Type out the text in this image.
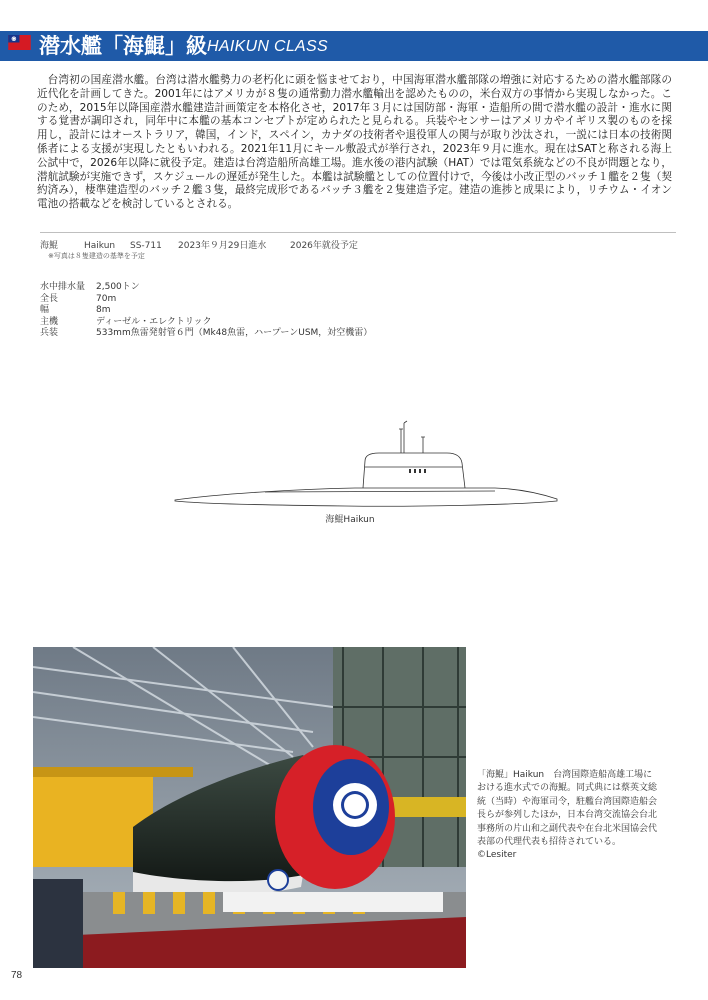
潜水艦「海鯤」級 HAIKUN CLASS

台湾初の国産潜水艦。台湾は潜水艦勢力の老朽化に頭を悩ませており，中国海軍潜水艦部隊の増強に対応するための潜水艦部隊の近代化を計画してきた。2001年にはアメリカが８隻の通常動力潜水艦輸出を認めたものの，米台双方の事情から実現しなかった。このため，2015年以降国産潜水艦建造計画策定を本格化させ，2017年３月には国防部・海軍・造船所の間で潜水艦の設計・進水に関する覚書が調印され，同年中に本艦の基本コンセプトが定められたと見られる。兵装やセンサーはアメリカやイギリス製のものを採用し，設計にはオーストラリア，韓国，インド，スペイン，カナダの技術者や退役軍人の関与が取り沙汰され，一説には日本の技術関係者による支援が実現したともいわれる。2021年11月にキール敷設式が挙行され，2023年９月に進水。現在はSATと称される海上公試中で，2026年以降に就役予定。建造は台湾造船所高雄工場。進水後の港内試験（HAT）では電気系統などの不良が問題となり，潜航試験が実施できず，スケジュールの遅延が発生した。本艦は試験艦としての位置付けで，今後は小改正型のバッチ１艦を２隻（契約済み），棲準建造型のバッチ２艦３隻，最終完成形であるバッチ３艦を２隻建造予定。建造の進捗と成果により，リチウム・イオン電池の搭載などを検討しているとされる。

海鯤	Haikun SS-711 2023年９月29日進水	2026年就役予定
※写真は８隻建造の基準を予定
水中排水量 2,500トン
全長	70m
幅	8m
主機	ディーゼル・エレクトリック
兵装	533mm魚雷発射管６門（Mk48魚雷，ハープーンUSM，対空機雷）
海鯤Haikun

「海鯤」Haikun　台湾国際造船高雄工場における進水式での海鯤。同式典には蔡英文総統（当時）や海軍司令，駐艦台湾国際造船会長らが参列したほか，日本台湾交流協会台北事務所の片山和之副代表や在台北米国協会代表部の代理代表も招待されている。©Lesiter

78
